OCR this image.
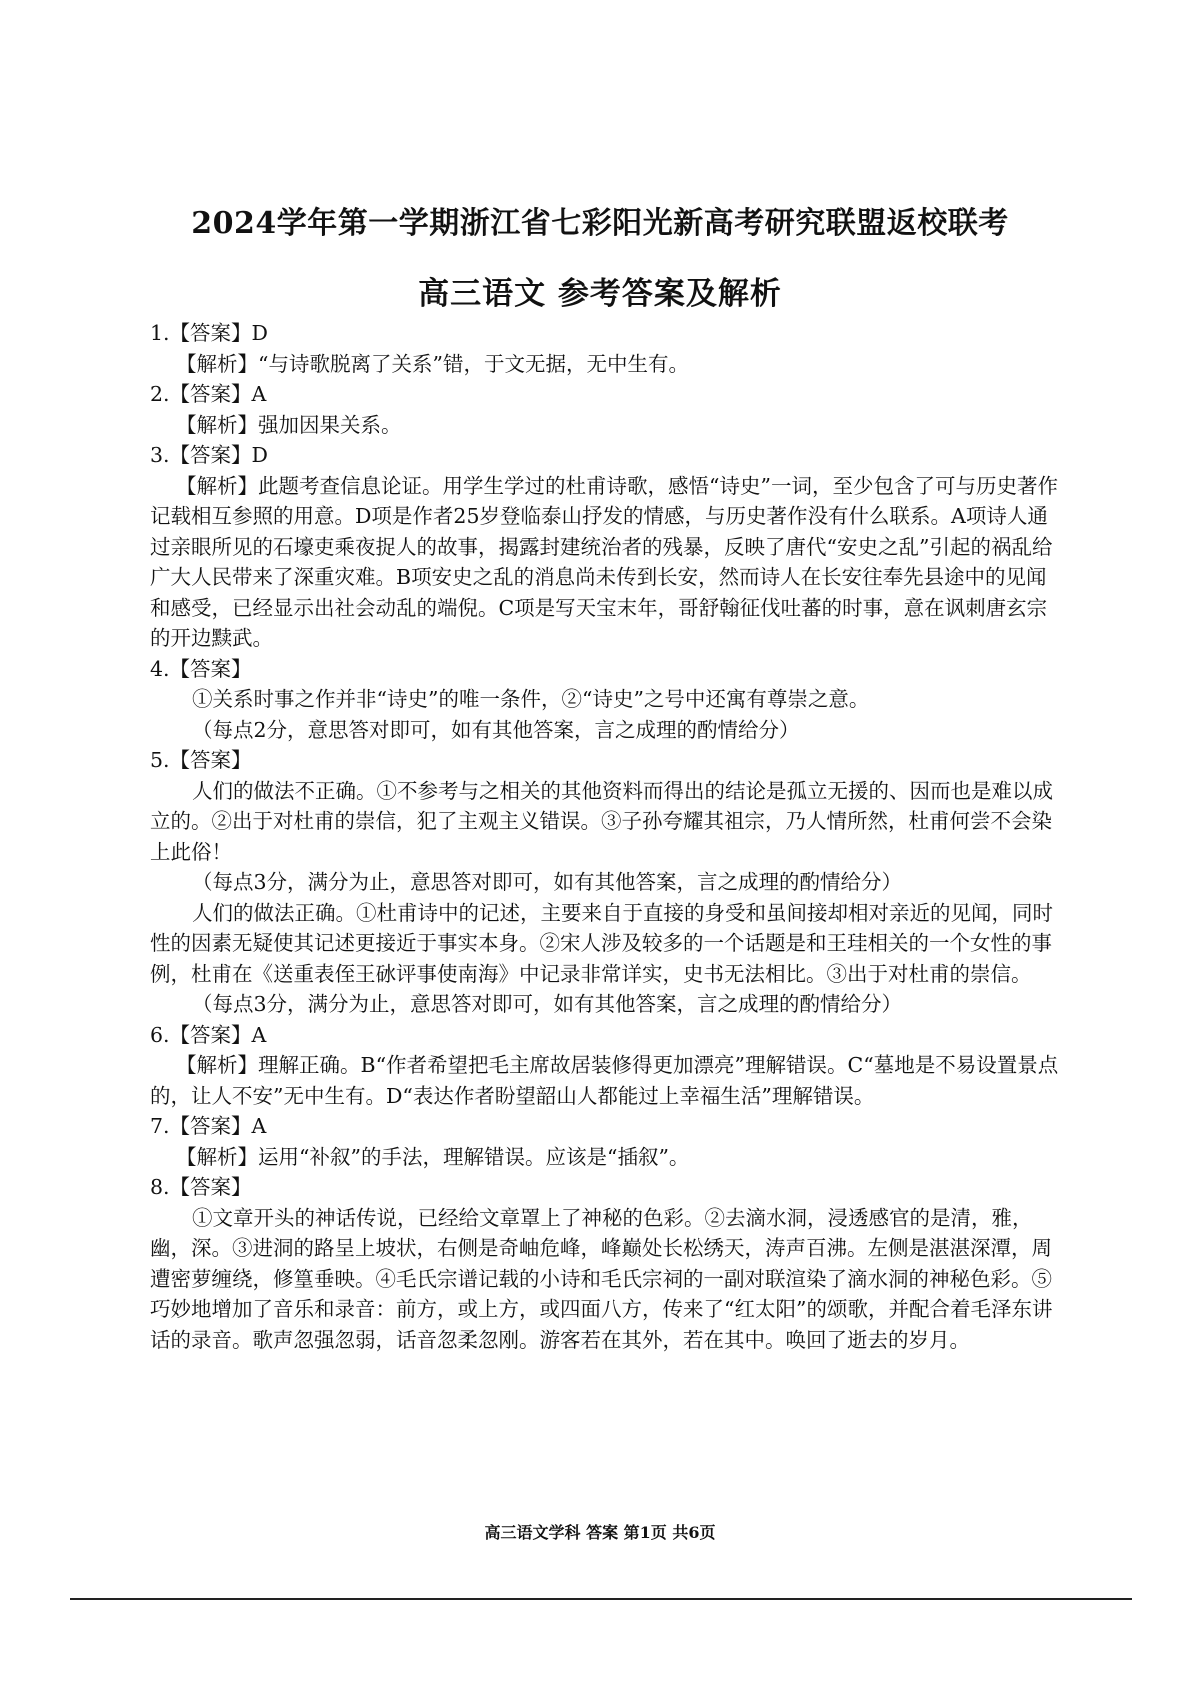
2024学年第一学期浙江省七彩阳光新高考研究联盟返校联考
高三语文 参考答案及解析

1.【答案】D

【解析】“与诗歌脱离了关系”错，于文无据，无中生有。

2.【答案】A

【解析】强加因果关系。

3.【答案】D

【解析】此题考查信息论证。用学生学过的杜甫诗歌，感悟“诗史”一词，至少包含了可与历史著作记载相互参照的用意。D项是作者25岁登临泰山抒发的情感，与历史著作没有什么联系。A项诗人通过亲眼所见的石壕吏乘夜捉人的故事，揭露封建统治者的残暴，反映了唐代“安史之乱”引起的祸乱给广大人民带来了深重灾难。B项安史之乱的消息尚未传到长安，然而诗人在长安往奉先县途中的见闻和感受，已经显示出社会动乱的端倪。C项是写天宝末年，哥舒翰征伐吐蕃的时事，意在讽刺唐玄宗的开边黩武。

4.【答案】

①关系时事之作并非“诗史”的唯一条件，②“诗史”之号中还寓有尊崇之意。

（每点2分，意思答对即可，如有其他答案，言之成理的酌情给分）

5.【答案】

人们的做法不正确。①不参考与之相关的其他资料而得出的结论是孤立无援的、因而也是难以成立的。②出于对杜甫的崇信，犯了主观主义错误。③子孙夸耀其祖宗，乃人情所然，杜甫何尝不会染上此俗！

（每点3分，满分为止，意思答对即可，如有其他答案，言之成理的酌情给分）

人们的做法正确。①杜甫诗中的记述，主要来自于直接的身受和虽间接却相对亲近的见闻，同时性的因素无疑使其记述更接近于事实本身。②宋人涉及较多的一个话题是和王珪相关的一个女性的事例，杜甫在《送重表侄王砅评事使南海》中记录非常详实，史书无法相比。③出于对杜甫的崇信。

（每点3分，满分为止，意思答对即可，如有其他答案，言之成理的酌情给分）

6.【答案】A

【解析】理解正确。B“作者希望把毛主席故居装修得更加漂亮”理解错误。C“墓地是不易设置景点的，让人不安”无中生有。D“表达作者盼望韶山人都能过上幸福生活”理解错误。

7.【答案】A

【解析】运用“补叙”的手法，理解错误。应该是“插叙”。

8.【答案】

①文章开头的神话传说，已经给文章罩上了神秘的色彩。②去滴水洞，浸透感官的是清，雅，幽，深。③进洞的路呈上坡状，右侧是奇岫危峰，峰巅处长松绣天，涛声百沸。左侧是湛湛深潭，周遭密萝缠绕，修篁垂映。④毛氏宗谱记载的小诗和毛氏宗祠的一副对联渲染了滴水洞的神秘色彩。⑤巧妙地增加了音乐和录音：前方，或上方，或四面八方，传来了“红太阳”的颂歌，并配合着毛泽东讲话的录音。歌声忽强忽弱，话音忽柔忽刚。游客若在其外，若在其中。唤回了逝去的岁月。

高三语文学科 答案 第1页 共6页
